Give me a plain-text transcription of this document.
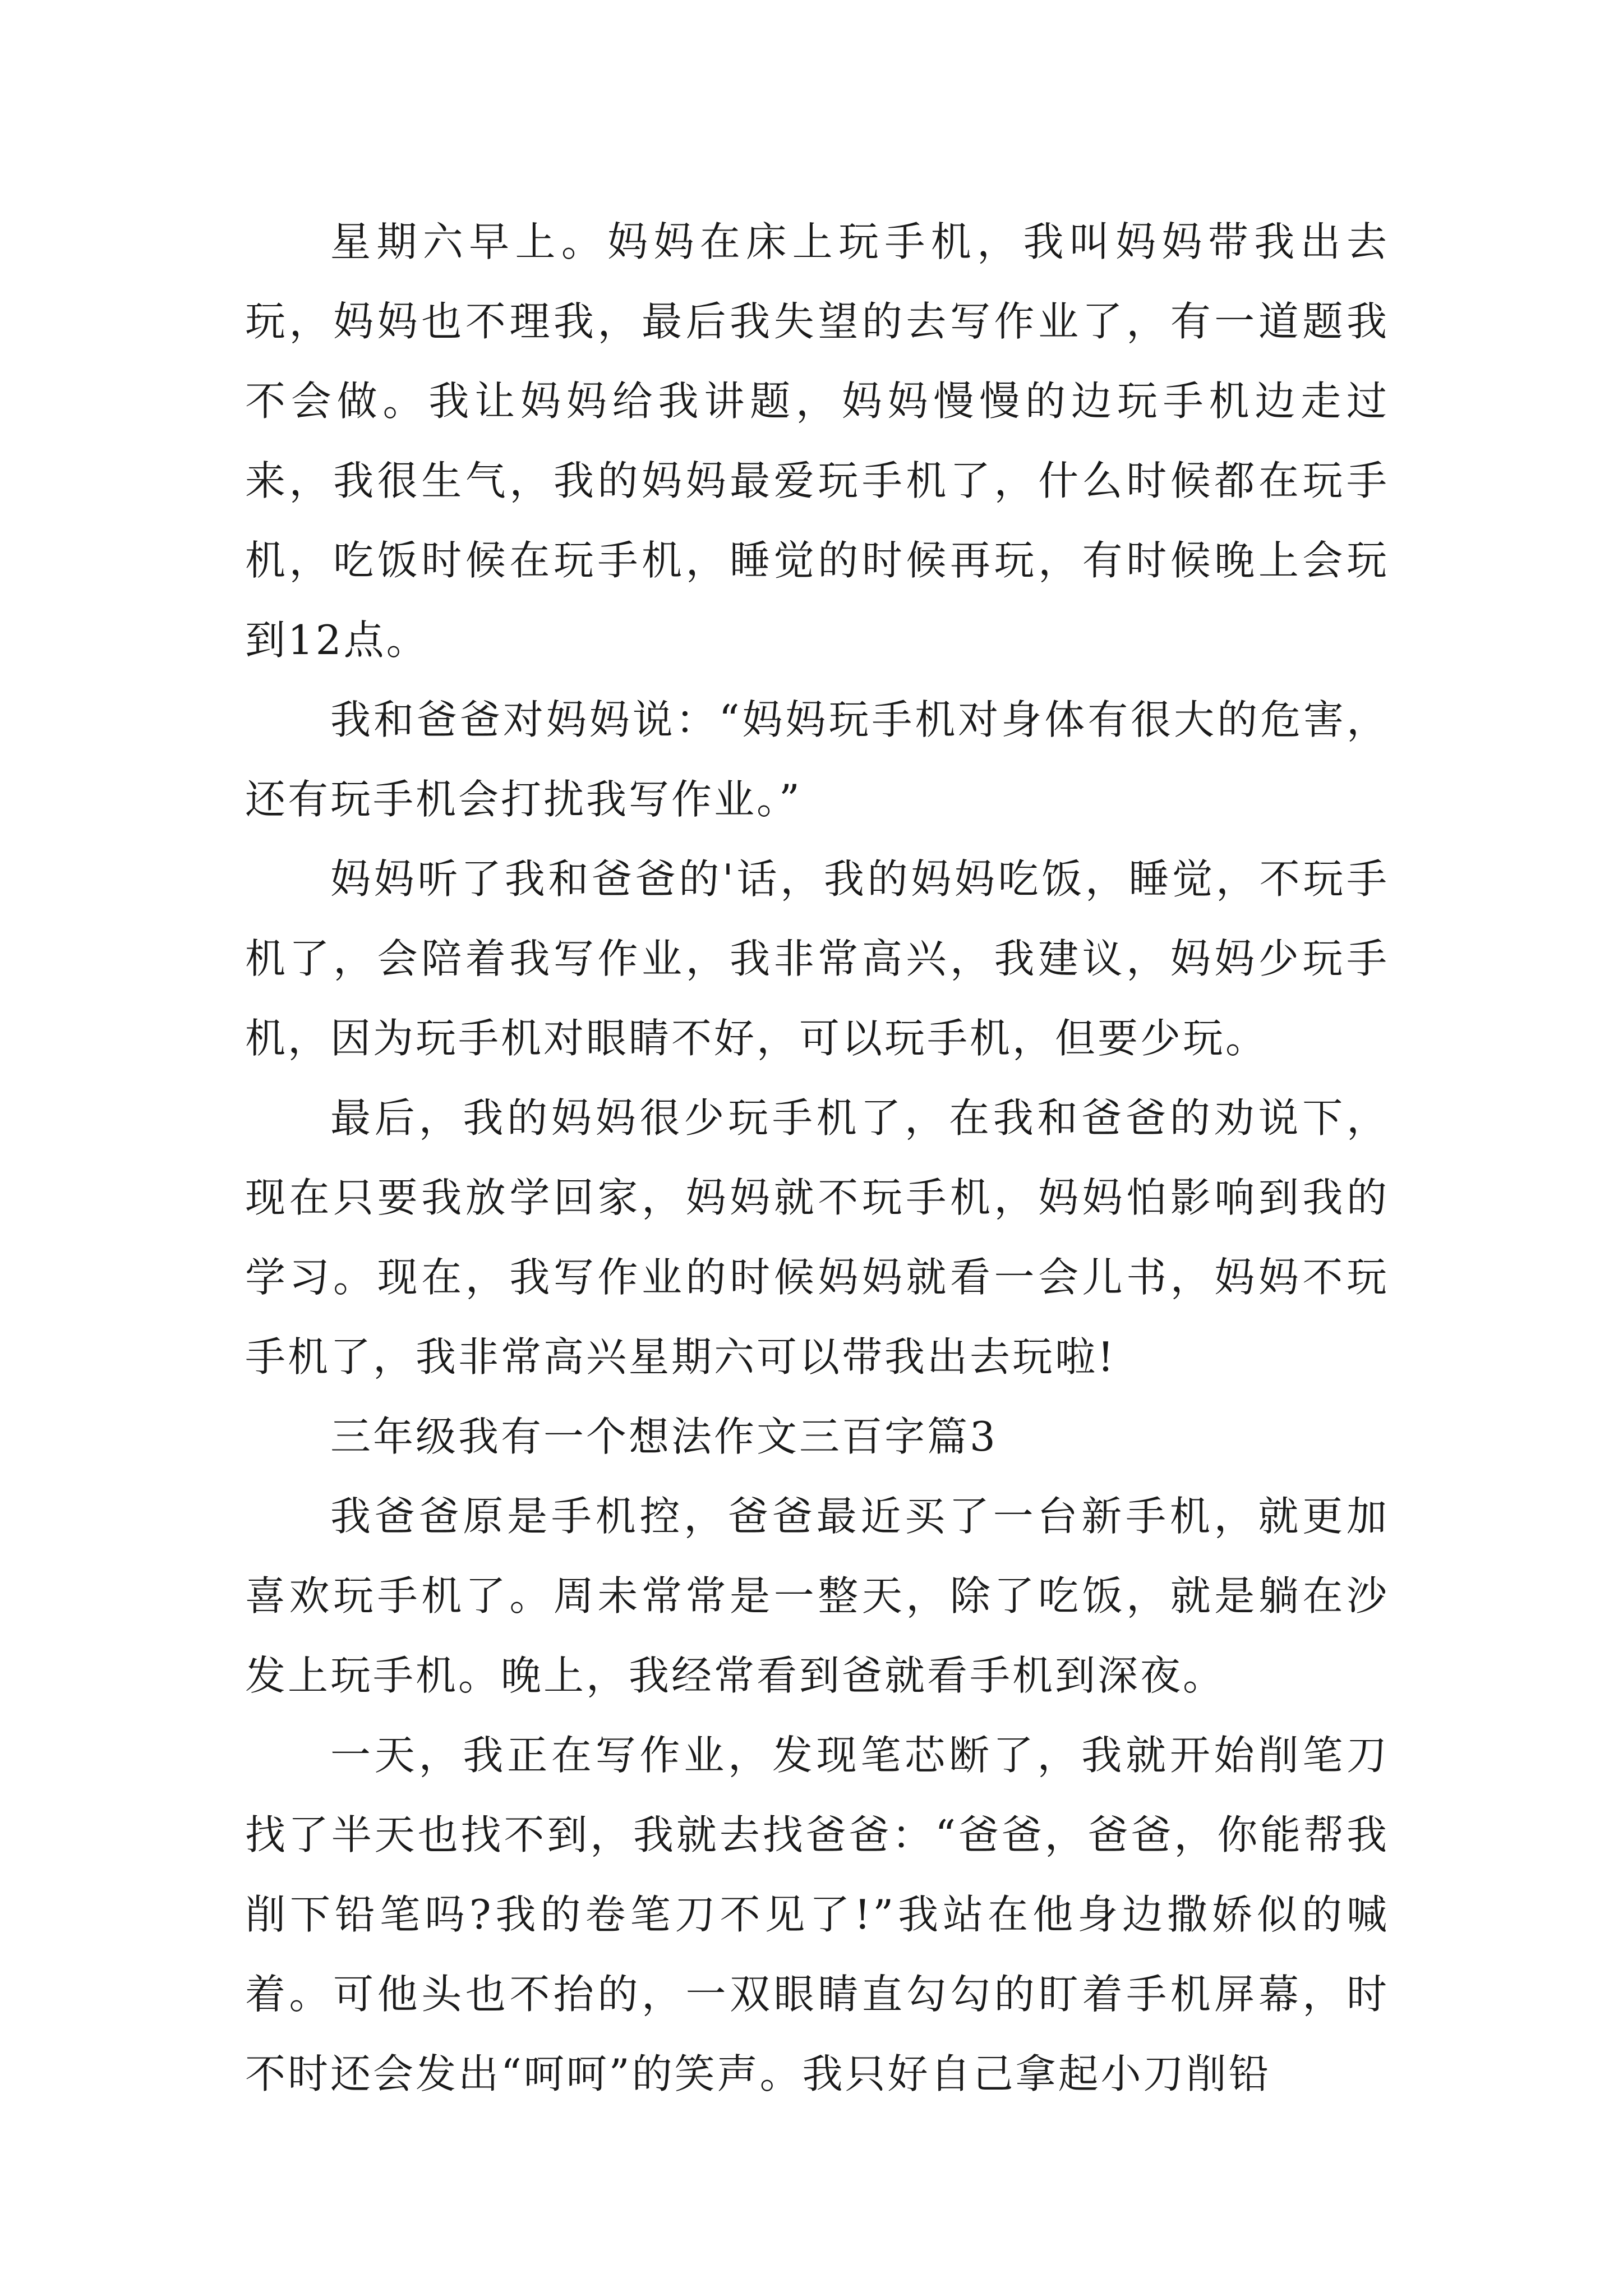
星期六早上。妈妈在床上玩手机，我叫妈妈带我出去玩，妈妈也不理我，最后我失望的去写作业了，有一道题我不会做。我让妈妈给我讲题，妈妈慢慢的边玩手机边走过来，我很生气，我的妈妈最爱玩手机了，什么时候都在玩手机，吃饭时候在玩手机，睡觉的时候再玩，有时候晚上会玩到12点。

我和爸爸对妈妈说：“妈妈玩手机对身体有很大的危害，还有玩手机会打扰我写作业。”

妈妈听了我和爸爸的'话，我的妈妈吃饭，睡觉，不玩手机了，会陪着我写作业，我非常高兴，我建议，妈妈少玩手机，因为玩手机对眼睛不好，可以玩手机，但要少玩。

最后，我的妈妈很少玩手机了，在我和爸爸的劝说下，现在只要我放学回家，妈妈就不玩手机，妈妈怕影响到我的学习。现在，我写作业的时候妈妈就看一会儿书，妈妈不玩手机了，我非常高兴星期六可以带我出去玩啦!

三年级我有一个想法作文三百字篇3

我爸爸原是手机控，爸爸最近买了一台新手机，就更加喜欢玩手机了。周未常常是一整天，除了吃饭，就是躺在沙发上玩手机。晚上，我经常看到爸就看手机到深夜。

一天，我正在写作业，发现笔芯断了，我就开始削笔刀找了半天也找不到，我就去找爸爸：“爸爸，爸爸，你能帮我削下铅笔吗?我的卷笔刀不见了!”我站在他身边撒娇似的喊着。可他头也不抬的，一双眼睛直勾勾的盯着手机屏幕，时不时还会发出“呵呵”的笑声。我只好自己拿起小刀削铅
